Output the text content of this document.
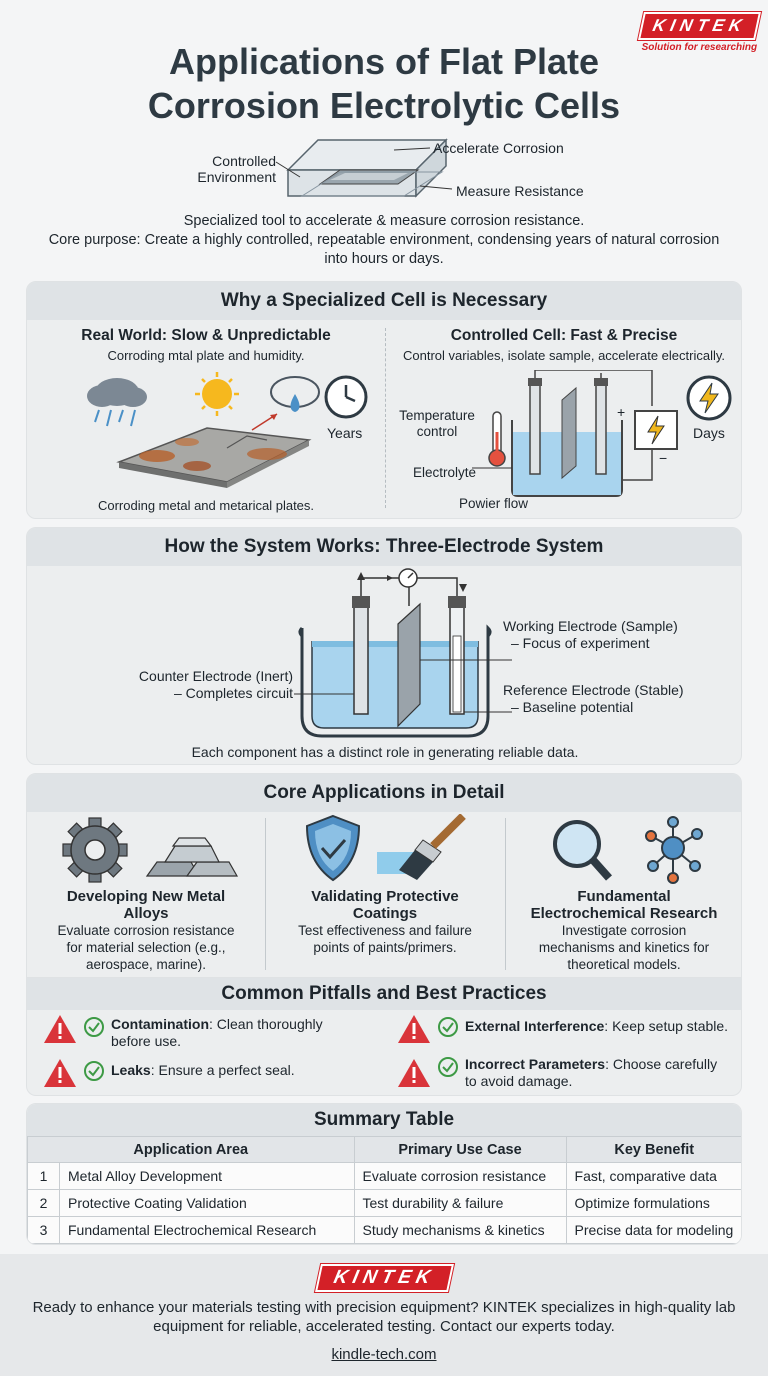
KINTEK
Solution for researching
Applications of Flat Plate
Corrosion Electrolytic Cells
Controlled
Environment
Accelerate Corrosion
Measure Resistance
Specialized tool to accelerate & measure corrosion resistance.
Core purpose: Create a highly controlled, repeatable environment, condensing years of natural corrosion into hours or days.
Why a Specialized Cell is Necessary
Real World: Slow & Unpredictable
Corroding mtal plate and humidity.
Years
Corroding metal and metarical plates.
Controlled Cell: Fast & Precise
Control variables, isolate sample, accelerate electrically.
+
−
Days
Temperature
control
Electrolyte
Powier flow
How the System Works: Three-Electrode System
Working Electrode (Sample)
– Focus of experiment
Counter Electrode (Inert)
– Completes circuit	Reference Electrode (Stable)
– Baseline potential
Each component has a distinct role in generating reliable data.
Core Applications in Detail
Developing New Metal
Alloys
Evaluate corrosion resistance
for material selection (e.g.,
aerospace, marine).
Validating Protective
Coatings
Test effectiveness and failure
points of paints/primers.
Fundamental
Electrochemical Research
Investigate corrosion
mechanisms and kinetics for
theoretical models.
Common Pitfalls and Best Practices
Contamination: Clean thoroughly
before use.
Leaks: Ensure a perfect seal.
External Interference: Keep setup stable.
Incorrect Parameters: Choose carefully
to avoid damage.
Summary Table
Application Area		Primary Use Case	Key Benefit
1	Metal Alloy Development	Evaluate corrosion resistance	Fast, comparative data
2	Protective Coating Validation	Test durability & failure	Optimize formulations
3	Fundamental Electrochemical Research	Study mechanisms & kinetics	Precise data for modeling
KINTEK
Ready to enhance your materials testing with precision equipment? KINTEK specializes in high-quality lab equipment for reliable, accelerated testing. Contact our experts today.
kindle-tech.com
